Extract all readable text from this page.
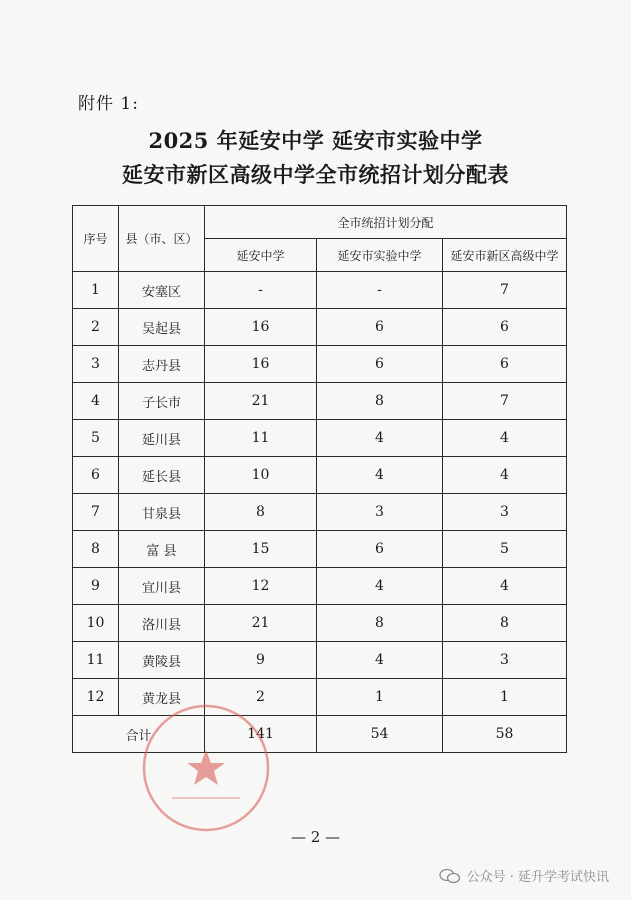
附件 1:
2025 年延安中学 延安市实验中学
延安市新区高级中学全市统招计划分配表
序号	县（市、区）	全市统招计划分配		
		延安中学	延安市实验中学	延安市新区高级中学
1	安塞区	-	-	7
2	吴起县	16	6	6
3	志丹县	16	6	6
4	子长市	21	8	7
5	延川县	11	4	4
6	延长县	10	4	4
7	甘泉县	8	3	3
8	富 县	15	6	5
9	宜川县	12	4	4
10	洛川县	21	8	8
11	黄陵县	9	4	3
12	黄龙县	2	1	1
合计		141	54	58
— 2 —
公众号 · 延升学考试快讯
